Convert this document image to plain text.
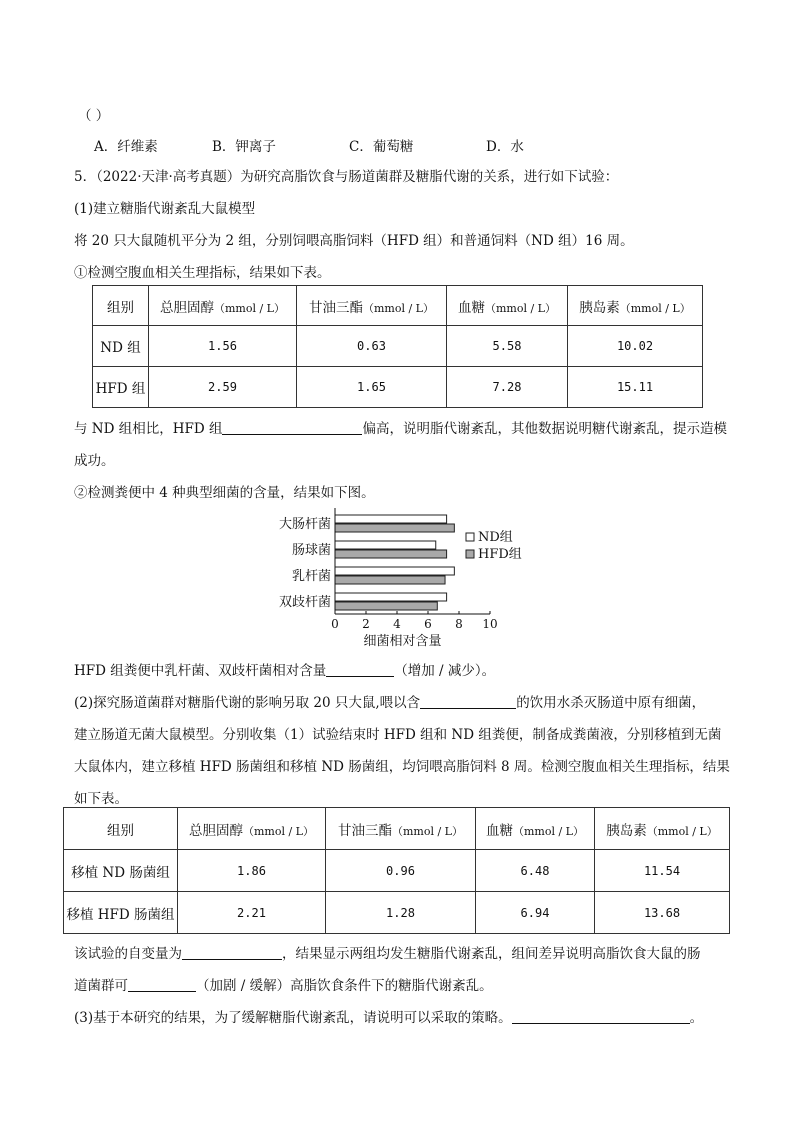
（ ）
A．纤维素	B．钾离子	C．葡萄糖	D．水
5．（2022·天津·高考真题）为研究高脂饮食与肠道菌群及糖脂代谢的关系，进行如下试验：
(1)建立糖脂代谢紊乱大鼠模型
将 20 只大鼠随机平分为 2 组，分别饲喂高脂饲料（HFD 组）和普通饲料（ND 组）16 周。
①检测空腹血相关生理指标，结果如下表。
组别	总胆固醇（mmol / L）	甘油三酯（mmol / L）	血糖（mmol / L）	胰岛素（mmol / L）
ND 组	1.56	0.63	5.58	10.02
HFD 组	2.59	1.65	7.28	15.11
与 ND 组相比，HFD 组	偏高，说明脂代谢紊乱，其他数据说明糖代谢紊乱，提示造模
成功。
②检测粪便中 4 种典型细菌的含量，结果如下图。
大肠杆菌
肠球菌
乳杆菌
双歧杆菌
0 2 4 6 8 10
细菌相对含量
ND组
HFD组
HFD 组粪便中乳杆菌、双歧杆菌相对含量	（增加 / 减少）。
(2)探究肠道菌群对糖脂代谢的影响另取 20 只大鼠,喂以含	的饮用水杀灭肠道中原有细菌，
建立肠道无菌大鼠模型。分别收集（1）试验结束时 HFD 组和 ND 组粪便，制备成粪菌液，分别移植到无菌
大鼠体内，建立移植 HFD 肠菌组和移植 ND 肠菌组，均饲喂高脂饲料 8 周。检测空腹血相关生理指标，结果
如下表。
组别	总胆固醇（mmol / L）	甘油三酯（mmol / L）	血糖（mmol / L）	胰岛素（mmol / L）
移植 ND 肠菌组	1.86	0.96	6.48	11.54
移植 HFD 肠菌组	2.21	1.28	6.94	13.68
该试验的自变量为	，结果显示两组均发生糖脂代谢紊乱，组间差异说明高脂饮食大鼠的肠
道菌群可	（加剧 / 缓解）高脂饮食条件下的糖脂代谢紊乱。
(3)基于本研究的结果，为了缓解糖脂代谢紊乱，请说明可以采取的策略。	。
